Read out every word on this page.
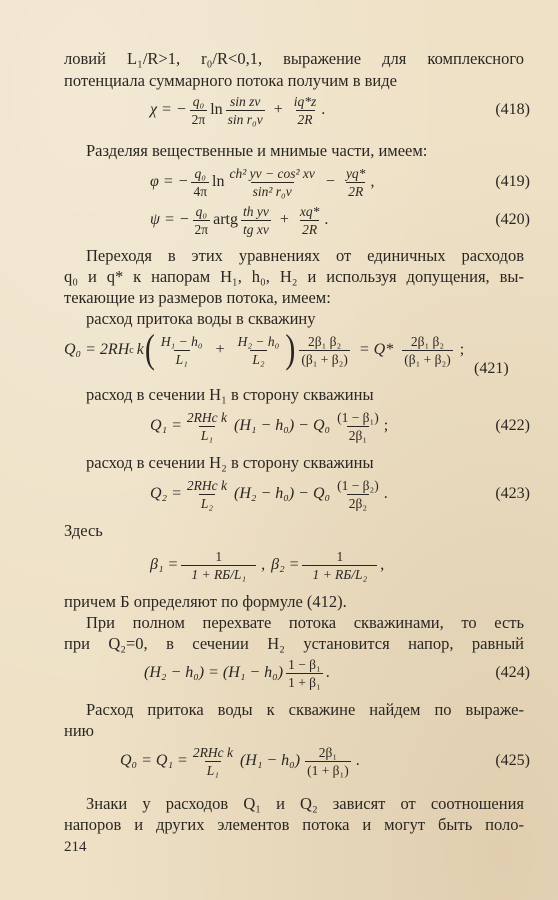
ловий L₁/R>1, r₀/R<0,1, выражение для комплексного
потенциала суммарного потока получим в виде
χ = − $\frac{\text{q₀}}{2\pi}$ $\ln \frac{\text{sin zν}}{\text{sin r₀ν}} + \frac{iq*z}{2R}$ .	(418)
Разделяя вещественные и мнимые части, имеем:
φ = − $\frac{\text{q₀}}{4\pi}$ $\ln \frac{\text{ch² yν − cos² xν}}{\text{sin² r₀ν}} - \frac{yq*}{2R}$ ,	(419)
ψ = − $\frac{\text{q₀}}{2\pi}$ artg $\frac{\text{th yν}}{\text{tg xν}} + \frac{xq*}{2R}$ .	(420)
Переходя в этих уравнениях от единичных расходов
q₀ и q* к напорам H₁, h₀, H₂ и используя допущения, вы-
текающие из размеров потока, имеем:
расход притока воды в скважину
Q₀ = 2RH c k ( $\frac{\text{H₁ − h₀}}{\text{L₁}} + \frac{\text{H₂ − h₀}}{\text{L₂}}$ ) $\frac{\text{2β₁ β₂}}{\text{(β₁ + β₂)}} = Q* \frac{\text{2β₁ β₂}}{\text{(β₁ + β₂)}}$ ;
(421)
расход в сечении H₁ в сторону скважины
$Q_1 = \frac{\text{2RHc k}}{\text{L₁}} (H_1 - h_0) - Q_0 \frac{\text{(1 − β₁)}}{\text{2β₁}}$ ;	(422)
расход в сечении H₂ в сторону скважины
$Q_2 = \frac{\text{2RHc k}}{\text{L₂}} (H_2 - h_0) - Q_0 \frac{\text{(1 − β₂)}}{\text{2β₂}}$ .	(423)
Здесь
$\beta_1 = \frac{1}{\text{1 + RБ/L₁}}$ , $\beta_2 = \frac{1}{\text{1 + RБ/L₂}}$ ,
причем Б определяют по формуле (412).
При полном перехвате потока скважинами, то есть
при Q₂=0, в сечении H₂ установится напор, равный
$(H_2 - h_0) = (H_1 - h_0) \frac{\text{1 − β₁}}{\text{1 + β₁}}$ .	(424)
Расход притока воды к скважине найдем по выраже-
нию
$Q_0 = Q_1 = \frac{\text{2RHc k}}{\text{L₁}} (H_1 - h_0) \frac{\text{2β₁}}{\text{(1 + β₁)}}$ .	(425)
Знаки у расходов Q₁ и Q₂ зависят от соотношения
напоров и других элементов потока и могут быть поло-
214
